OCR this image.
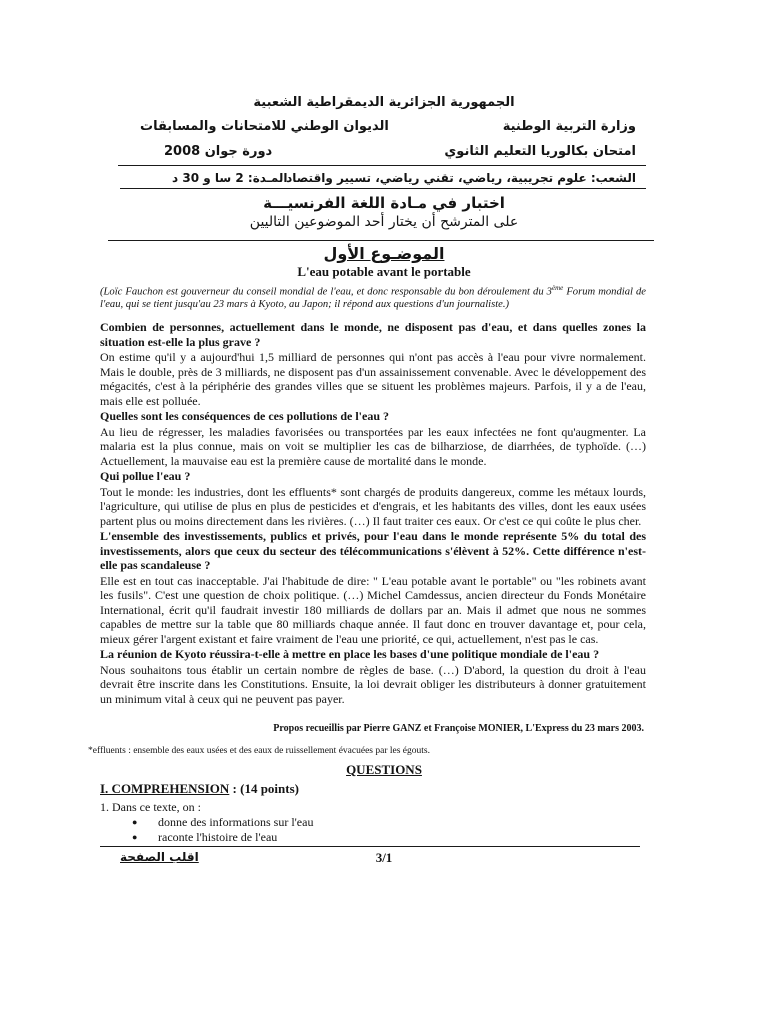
الجمهورية الجزائرية الديمقراطية الشعبية
وزارة التربية الوطنية
الديوان الوطني للامتحانات والمسابقات
امتحان بكالوريا التعليم الثانوي
دورة جوان 2008
الشعب: علوم تجريبية، رياضي، تقني رياضي، تسيير واقتصاد
المـدة: 2 سا و 30 د
اختبار في مـادة اللغة الفرنسيـــة
على المترشح أن يختار أحد الموضوعين التاليين
الموضـوع الأول
L'eau potable avant le portable
(Loïc Fauchon est gouverneur du conseil mondial de l'eau, et donc responsable du bon déroulement du 3ème Forum mondial de l'eau, qui se tient jusqu'au 23 mars à Kyoto, au Japon; il répond aux questions d'un journaliste.)

Combien de personnes, actuellement dans le monde, ne disposent pas d'eau, et dans quelles zones la situation est-elle la plus grave ?

On estime qu'il y a aujourd'hui 1,5 milliard de personnes qui n'ont pas accès à l'eau pour vivre normalement. Mais le double, près de 3 milliards, ne disposent pas d'un assainissement convenable. Avec le développement des mégacités, c'est à la périphérie des grandes villes que se situent les problèmes majeurs. Parfois, il y a de l'eau, mais elle est polluée.

Quelles sont les conséquences de ces pollutions de l'eau ?

Au lieu de régresser, les maladies favorisées ou transportées par les eaux infectées ne font qu'augmenter. La malaria est la plus connue, mais on voit se multiplier les cas de bilharziose, de diarrhées, de typhoïde. (…) Actuellement, la mauvaise eau est la première cause de mortalité dans le monde.

Qui pollue l'eau ?

Tout le monde: les industries, dont les effluents* sont chargés de produits dangereux, comme les métaux lourds, l'agriculture, qui utilise de plus en plus de pesticides et d'engrais, et les habitants des villes, dont les eaux usées partent plus ou moins directement dans les rivières. (…) Il faut traiter ces eaux. Or c'est ce qui coûte le plus cher.

L'ensemble des investissements, publics et privés, pour l'eau dans le monde représente 5% du total des investissements, alors que ceux du secteur des télécommunications s'élèvent à 52%. Cette différence n'est-elle pas scandaleuse ?

Elle est en tout cas inacceptable. J'ai l'habitude de dire: " L'eau potable avant le portable" ou "les robinets avant les fusils". C'est une question de choix politique. (…) Michel Camdessus, ancien directeur du Fonds Monétaire International, écrit qu'il faudrait investir 180 milliards de dollars par an. Mais il admet que nous ne sommes capables de mettre sur la table que 80 milliards chaque année. Il faut donc en trouver davantage et, pour cela, mieux gérer l'argent existant et faire vraiment de l'eau une priorité, ce qui, actuellement, n'est pas le cas.

La réunion de Kyoto réussira-t-elle à mettre en place les bases d'une politique mondiale de l'eau ?

Nous souhaitons tous établir un certain nombre de règles de base. (…) D'abord, la question du droit à l'eau devrait être inscrite dans les Constitutions. Ensuite, la loi devrait obliger les distributeurs à donner gratuitement un minimum vital à ceux qui ne peuvent pas payer.

Propos recueillis par Pierre GANZ et Françoise MONIER, L'Express du 23 mars 2003.
*effluents : ensemble des eaux usées et des eaux de ruissellement évacuées par les égouts.
QUESTIONS
I. COMPREHENSION : (14 points)
1. Dans ce texte, on :
● donne des informations sur l'eau
● raconte l'histoire de l'eau
اقلب الصفحة	3/1
